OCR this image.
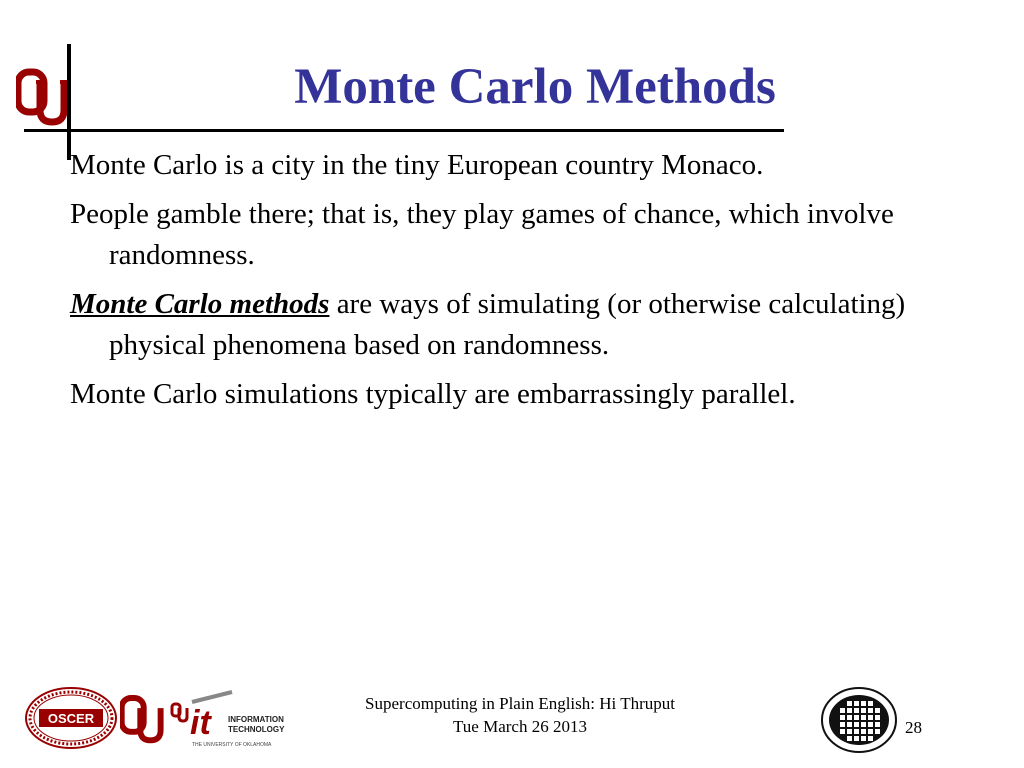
Monte Carlo Methods

Monte Carlo is a city in the tiny European country Monaco.

People gamble there; that is, they play games of chance, which involve randomness.

Monte Carlo methods are ways of simulating (or otherwise calculating) physical phenomena based on randomness.

Monte Carlo simulations typically are embarrassingly parallel.

OSCER	it INFORMATION
TECHNOLOGY
THE UNIVERSITY OF OKLAHOMA
Supercomputing in Plain English: Hi Thruput
Tue March 26 2013	28
